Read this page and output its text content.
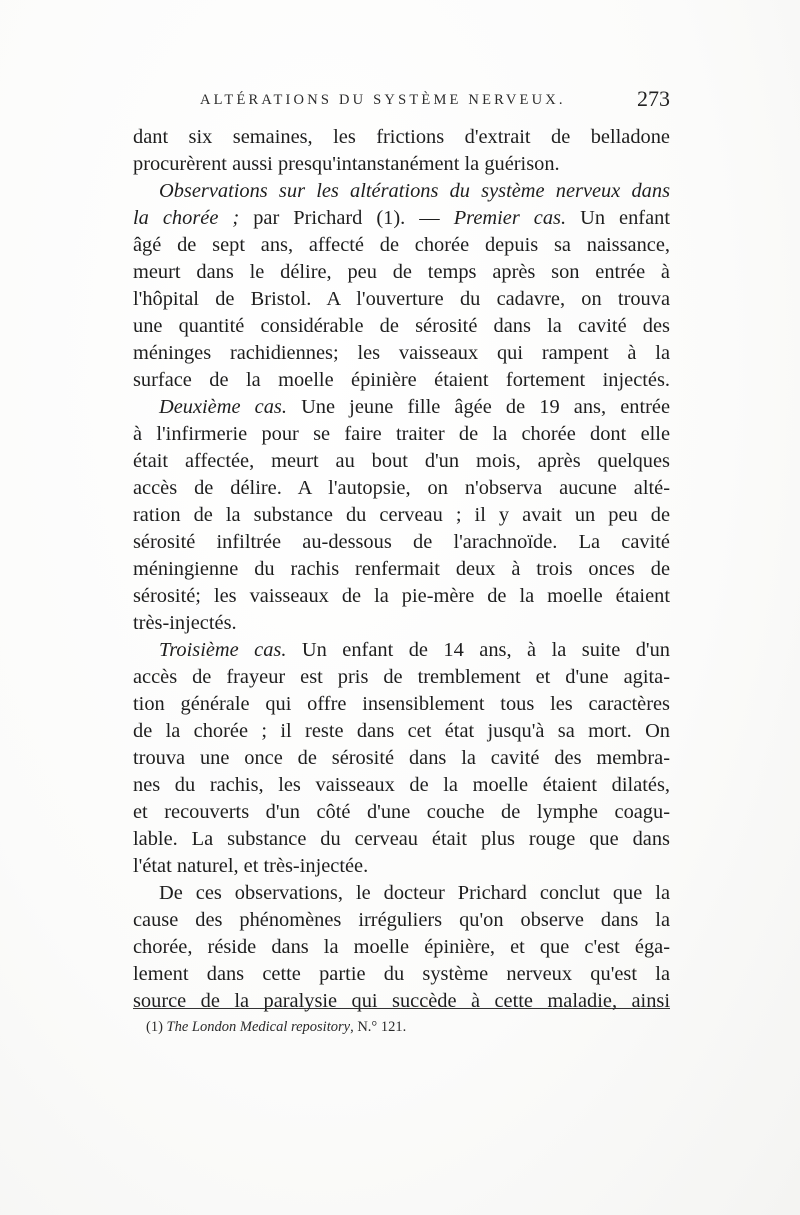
ALTÉRATIONS DU SYSTÈME NERVEUX.	273
dant six semaines, les frictions d'extrait de belladone
procurèrent aussi presqu'intanstanément la guérison.
Observations sur les altérations du système nerveux dans
la chorée ; par Prichard (1). — Premier cas. Un enfant
âgé de sept ans, affecté de chorée depuis sa naissance,
meurt dans le délire, peu de temps après son entrée à
l'hôpital de Bristol. A l'ouverture du cadavre, on trouva
une quantité considérable de sérosité dans la cavité des
méninges rachidiennes; les vaisseaux qui rampent à la
surface de la moelle épinière étaient fortement injectés.
Deuxième cas. Une jeune fille âgée de 19 ans, entrée
à l'infirmerie pour se faire traiter de la chorée dont elle
était affectée, meurt au bout d'un mois, après quelques
accès de délire. A l'autopsie, on n'observa aucune alté-
ration de la substance du cerveau ; il y avait un peu de
sérosité infiltrée au-dessous de l'arachnoïde. La cavité
méningienne du rachis renfermait deux à trois onces de
sérosité; les vaisseaux de la pie-mère de la moelle étaient
très-injectés.
Troisième cas. Un enfant de 14 ans, à la suite d'un
accès de frayeur est pris de tremblement et d'une agita-
tion générale qui offre insensiblement tous les caractères
de la chorée ; il reste dans cet état jusqu'à sa mort. On
trouva une once de sérosité dans la cavité des membra-
nes du rachis, les vaisseaux de la moelle étaient dilatés,
et recouverts d'un côté d'une couche de lymphe coagu-
lable. La substance du cerveau était plus rouge que dans
l'état naturel, et très-injectée.
De ces observations, le docteur Prichard conclut que la
cause des phénomènes irréguliers qu'on observe dans la
chorée, réside dans la moelle épinière, et que c'est éga-
lement dans cette partie du système nerveux qu'est la
source de la paralysie qui succède à cette maladie, ainsi
(1) The London Medical repository, N.° 121.
